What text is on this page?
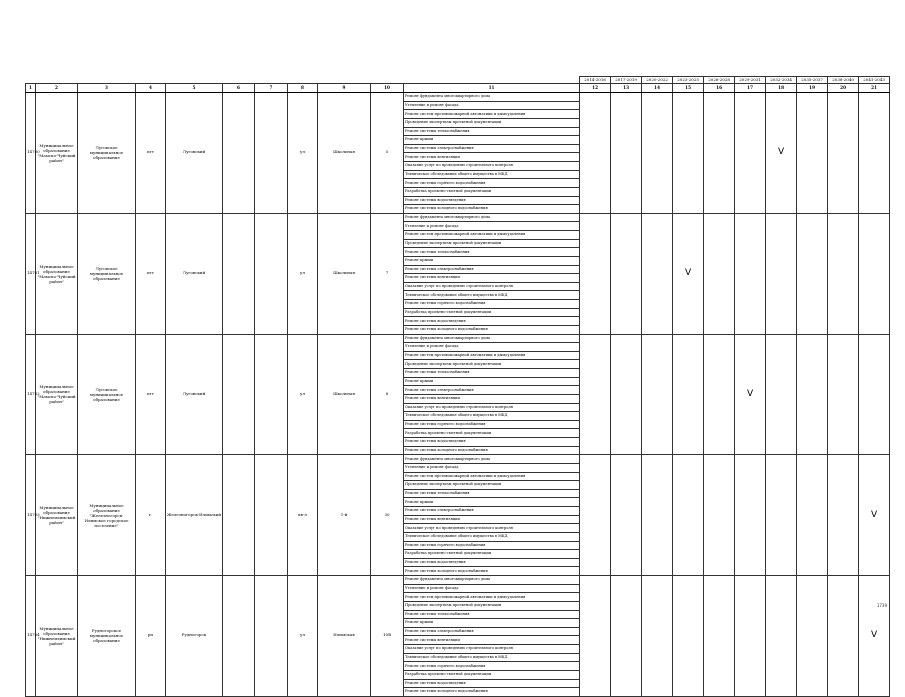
											2014-2016	2017-2019	2020-2022	2023-2025	2026-2028	2029-2031	2032-2034	2035-2037	2038-2040	2041-2043
1	2	3	4	5	6	7	8	9	10	11	12	13	14	15	16	17	18	19	20	21
14760	Муниципальное образование "Мамско-Чуйский район"	Луговское муниципальное образование	пгт	Луговский			ул	Школьная	5	Ремонт фундамента многоквартирного дома							V			
										Утепление и ремонт фасада										
										Ремонт систем противопожарной автоматики и дымоудаления										
										Проведение экспертизы проектной документации										
										Ремонт системы теплоснабжения										
										Ремонт крыши										
										Ремонт системы электроснабжения										
										Ремонт системы вентиляции										
										Оказание услуг по проведению строительного контроля										
										Техническое обследование общего имущества в МКД										
										Ремонт системы горячего водоснабжения										
										Разработка проектно-сметной документации										
										Ремонт системы водоотведения										
										Ремонт системы холодного водоснабжения										
14761	Муниципальное образование "Мамско-Чуйский район"	Луговское муниципальное образование	пгт	Луговский			ул	Школьная	7	Ремонт фундамента многоквартирного дома				V						
										Утепление и ремонт фасада										
										Ремонт систем противопожарной автоматики и дымоудаления										
										Проведение экспертизы проектной документации										
										Ремонт системы теплоснабжения										
										Ремонт крыши										
										Ремонт системы электроснабжения										
										Ремонт системы вентиляции										
										Оказание услуг по проведению строительного контроля										
										Техническое обследование общего имущества в МКД										
										Ремонт системы горячего водоснабжения										
										Разработка проектно-сметной документации										
										Ремонт системы водоотведения										
										Ремонт системы холодного водоснабжения										
14762	Муниципальное образование "Мамско-Чуйский район"	Луговское муниципальное образование	пгт	Луговский			ул	Школьная	8	Ремонт фундамента многоквартирного дома						V				
										Утепление и ремонт фасада										
										Ремонт систем противопожарной автоматики и дымоудаления										
										Проведение экспертизы проектной документации										
										Ремонт системы теплоснабжения										
										Ремонт крыши										
										Ремонт системы электроснабжения										
										Ремонт системы вентиляции										
										Оказание услуг по проведению строительного контроля										
										Техническое обследование общего имущества в МКД										
										Ремонт системы горячего водоснабжения										
										Разработка проектно-сметной документации										
										Ремонт системы водоотведения										
										Ремонт системы холодного водоснабжения										
14763	Муниципальное образование "Нижнеилимский район"	Муниципальное образование "Железногорск-Илимское городское поселение"	г.	Железногорск-Илимский			кв-л	1-й	30	Ремонт фундамента многоквартирного дома										V
										Утепление и ремонт фасада										
										Ремонт систем противопожарной автоматики и дымоудаления										
										Проведение экспертизы проектной документации										
										Ремонт системы теплоснабжения										
										Ремонт крыши										
										Ремонт системы электроснабжения										
										Ремонт системы вентиляции										
										Оказание услуг по проведению строительного контроля										
										Техническое обследование общего имущества в МКД										
										Ремонт системы горячего водоснабжения										
										Разработка проектно-сметной документации										
										Ремонт системы водоотведения										
										Ремонт системы холодного водоснабжения										
14764	Муниципальное образование "Нижнеилимский район"	Рудногорское муниципальное образование	рп	Рудногорск			ул	Илимская	10В	Ремонт фундамента многоквартирного дома										V
										Утепление и ремонт фасада										
										Ремонт систем противопожарной автоматики и дымоудаления										
										Проведение экспертизы проектной документации										
										Ремонт системы теплоснабжения										
										Ремонт крыши										
										Ремонт системы электроснабжения										
										Ремонт системы вентиляции										
										Оказание услуг по проведению строительного контроля										
										Техническое обследование общего имущества в МКД										
										Ремонт системы горячего водоснабжения										
										Разработка проектно-сметной документации										
										Ремонт системы водоотведения										
										Ремонт системы холодного водоснабжения										
1739
